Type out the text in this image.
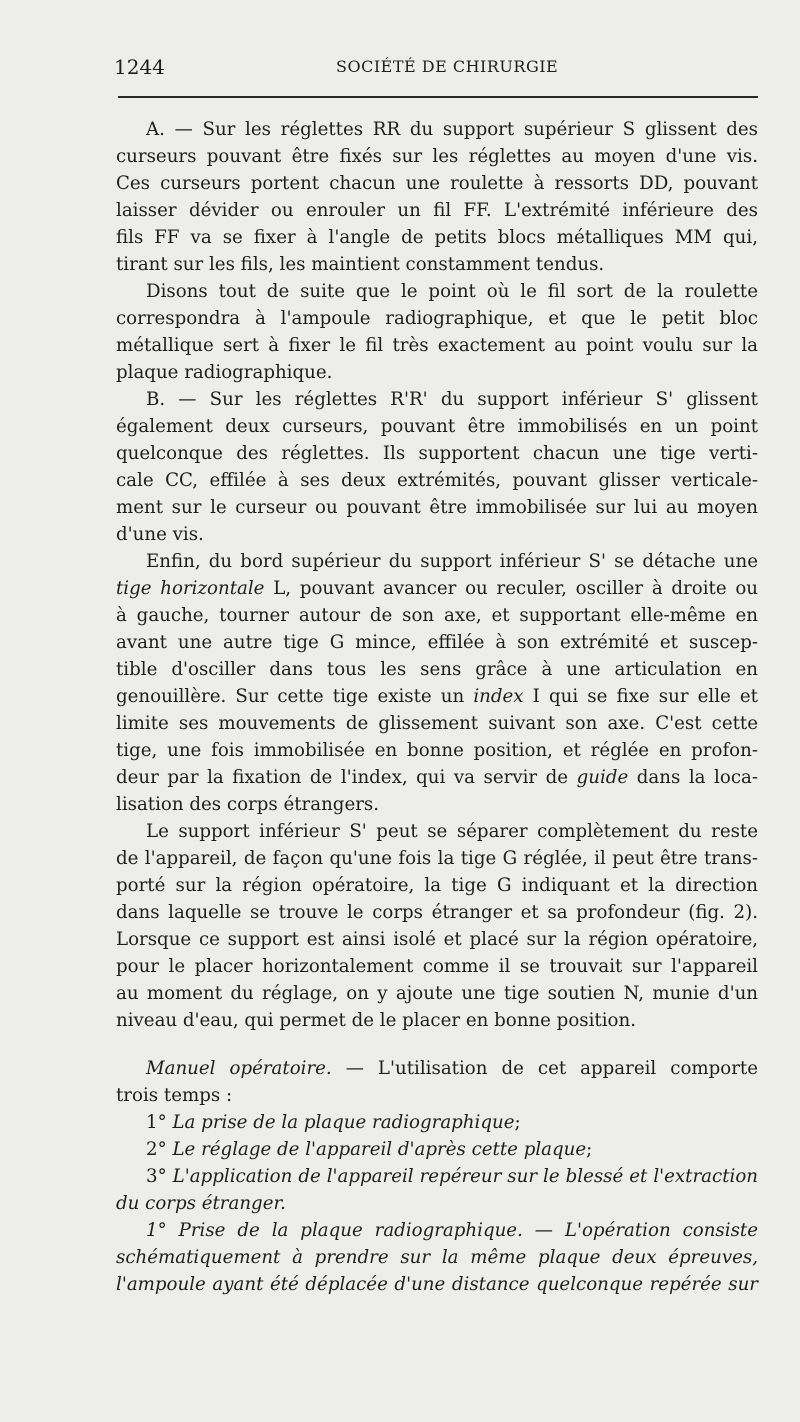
1244	SOCIÉTÉ DE CHIRURGIE

A. — Sur les réglettes RR du support supérieur S glissent des
curseurs pouvant être fixés sur les réglettes au moyen d'une vis.
Ces curseurs portent chacun une roulette à ressorts DD, pouvant
laisser dévider ou enrouler un fil FF. L'extrémité inférieure des
fils FF va se fixer à l'angle de petits blocs métalliques MM qui,
tirant sur les fils, les maintient constamment tendus.

Disons tout de suite que le point où le fil sort de la roulette
correspondra à l'ampoule radiographique, et que le petit bloc
métallique sert à fixer le fil très exactement au point voulu sur la
plaque radiographique.

B. — Sur les réglettes R'R' du support inférieur S' glissent
également deux curseurs, pouvant être immobilisés en un point
quelconque des réglettes. Ils supportent chacun une tige verti-
cale CC, effilée à ses deux extrémités, pouvant glisser verticale-
ment sur le curseur ou pouvant être immobilisée sur lui au moyen
d'une vis.

Enfin, du bord supérieur du support inférieur S' se détache une
tige horizontale L, pouvant avancer ou reculer, osciller à droite ou
à gauche, tourner autour de son axe, et supportant elle-même en
avant une autre tige G mince, effilée à son extrémité et suscep-
tible d'osciller dans tous les sens grâce à une articulation en
genouillère. Sur cette tige existe un index I qui se fixe sur elle et
limite ses mouvements de glissement suivant son axe. C'est cette
tige, une fois immobilisée en bonne position, et réglée en profon-
deur par la fixation de l'index, qui va servir de guide dans la loca-
lisation des corps étrangers.

Le support inférieur S' peut se séparer complètement du reste
de l'appareil, de façon qu'une fois la tige G réglée, il peut être trans-
porté sur la région opératoire, la tige G indiquant et la direction
dans laquelle se trouve le corps étranger et sa profondeur (fig. 2).
Lorsque ce support est ainsi isolé et placé sur la région opératoire,
pour le placer horizontalement comme il se trouvait sur l'appareil
au moment du réglage, on y ajoute une tige soutien N, munie d'un
niveau d'eau, qui permet de le placer en bonne position.

Manuel opératoire. — L'utilisation de cet appareil comporte
trois temps :

1° La prise de la plaque radiographique;

2° Le réglage de l'appareil d'après cette plaque;

3° L'application de l'appareil repéreur sur le blessé et l'extraction
du corps étranger.

1° Prise de la plaque radiographique. — L'opération consiste
schématiquement à prendre sur la même plaque deux épreuves,
l'ampoule ayant été déplacée d'une distance quelconque repérée sur
